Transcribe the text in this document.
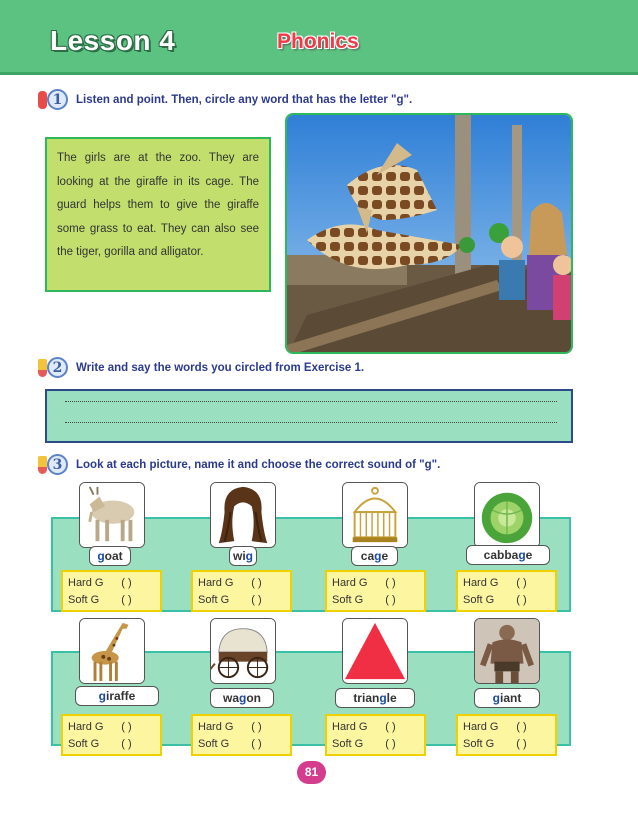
Lesson 4	Phonics
1	Listen and point. Then, circle any word that has the letter "g".
The girls are at the zoo. They are looking at the giraffe in its cage. The guard helps them to give the giraffe some grass to eat. They can also see the tiger, gorilla and alligator.
2	Write and say the words you circled from Exercise 1.
3	Look at each picture, name it and choose the correct sound of "g".
goat	wig	cage	cabbage
giraffe	wagon	triangle	giant
Hard G	( )
Soft G	( )
Hard G	( )
Soft G	( )
Hard G	( )
Soft G	( )
Hard G	( )
Soft G	( )
Hard G	( )
Soft G	( )
Hard G	( )
Soft G	( )
Hard G	( )
Soft G	( )
Hard G	( )
Soft G	( )
81
